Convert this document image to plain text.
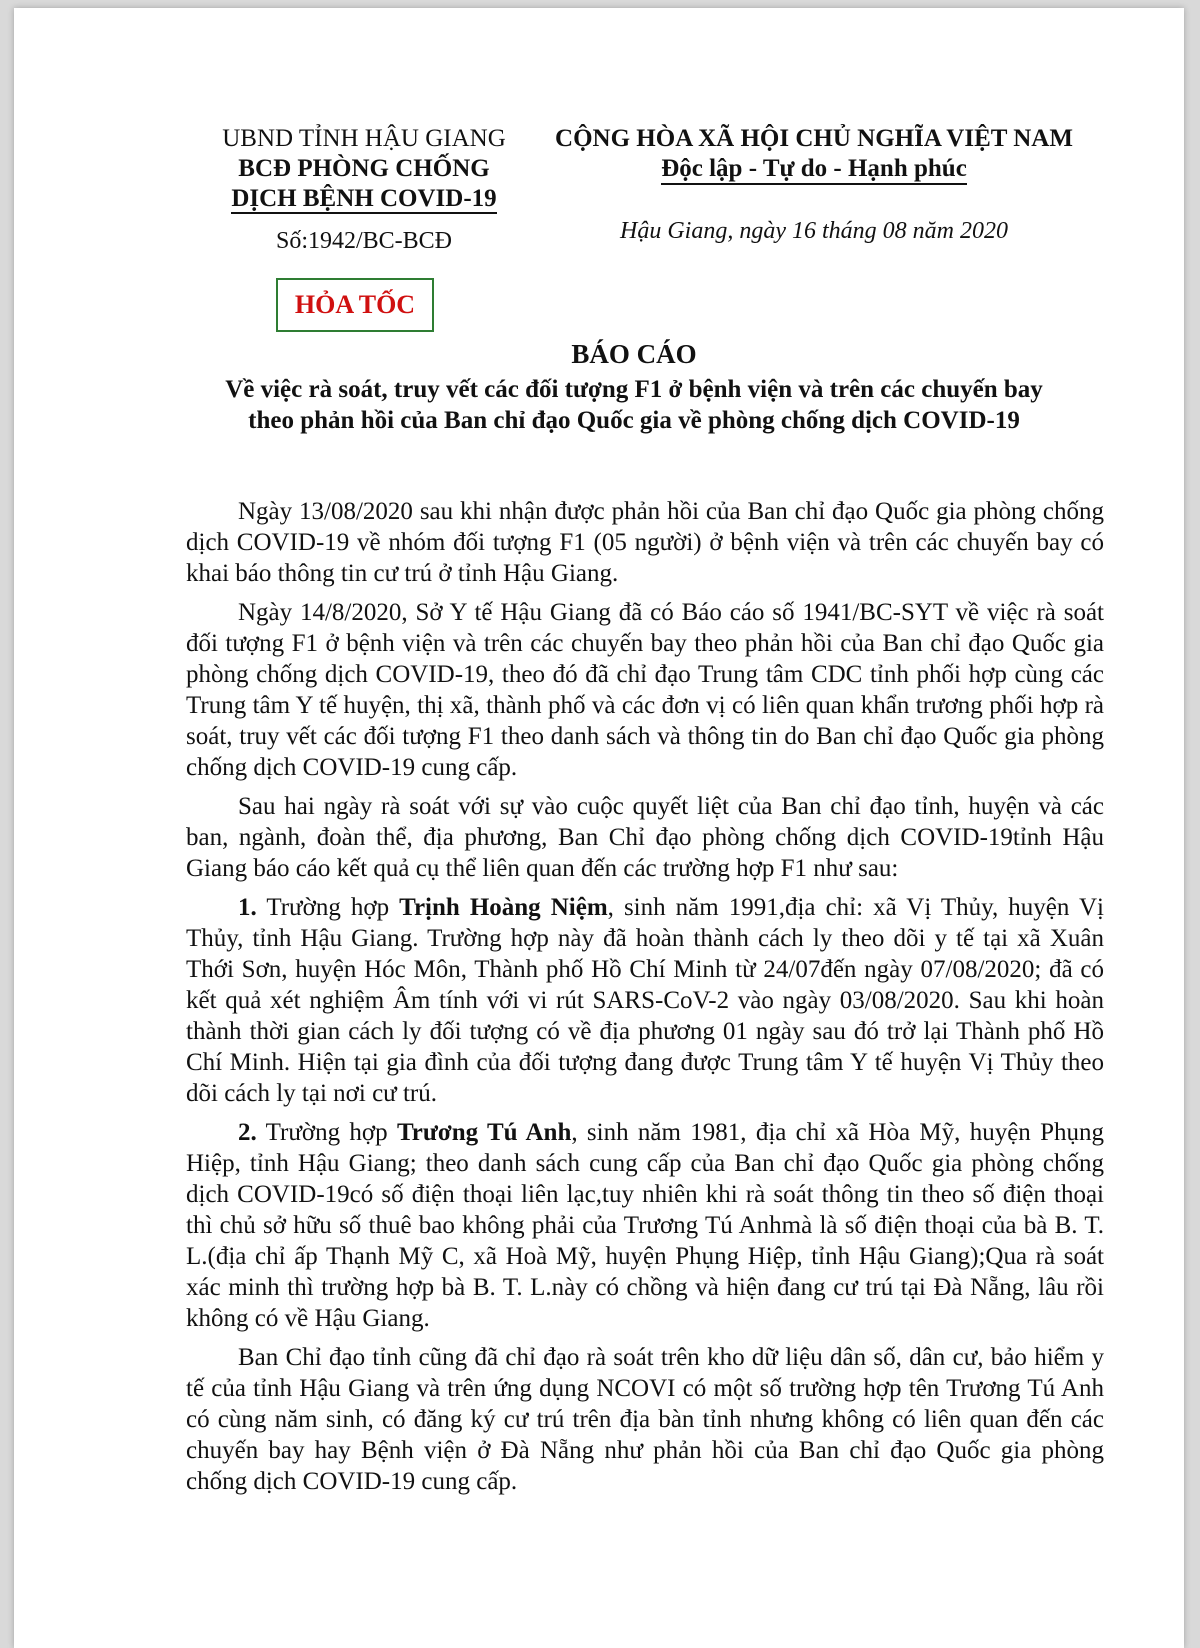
UBND TỈNH HẬU GIANG
BCĐ PHÒNG CHỐNG
DỊCH BỆNH COVID-19
Số:1942/BC-BCĐ
CỘNG HÒA XÃ HỘI CHỦ NGHĨA VIỆT NAM
Độc lập - Tự do - Hạnh phúc
Hậu Giang, ngày 16 tháng 08 năm 2020
HỎA TỐC
BÁO CÁO
Về việc rà soát, truy vết các đối tượng F1 ở bệnh viện và trên các chuyến bay
theo phản hồi của Ban chỉ đạo Quốc gia về phòng chống dịch COVID-19

Ngày 13/08/2020 sau khi nhận được phản hồi của Ban chỉ đạo Quốc gia phòng chống dịch COVID-19 về nhóm đối tượng F1 (05 người) ở bệnh viện và trên các chuyến bay có khai báo thông tin cư trú ở tỉnh Hậu Giang.

Ngày 14/8/2020, Sở Y tế Hậu Giang đã có Báo cáo số 1941/BC-SYT về việc rà soát đối tượng F1 ở bệnh viện và trên các chuyến bay theo phản hồi của Ban chỉ đạo Quốc gia phòng chống dịch COVID-19, theo đó đã chỉ đạo Trung tâm CDC tỉnh phối hợp cùng các Trung tâm Y tế huyện, thị xã, thành phố và các đơn vị có liên quan khẩn trương phối hợp rà soát, truy vết các đối tượng F1 theo danh sách và thông tin do Ban chỉ đạo Quốc gia phòng chống dịch COVID-19 cung cấp.

Sau hai ngày rà soát với sự vào cuộc quyết liệt của Ban chỉ đạo tỉnh, huyện và các ban, ngành, đoàn thể, địa phương, Ban Chỉ đạo phòng chống dịch COVID-19tỉnh Hậu Giang báo cáo kết quả cụ thể liên quan đến các trường hợp F1 như sau:

1. Trường hợp Trịnh Hoàng Niệm, sinh năm 1991,địa chỉ: xã Vị Thủy, huyện Vị Thủy, tỉnh Hậu Giang. Trường hợp này đã hoàn thành cách ly theo dõi y tế tại xã Xuân Thới Sơn, huyện Hóc Môn, Thành phố Hồ Chí Minh từ 24/07đến ngày 07/08/2020; đã có kết quả xét nghiệm Âm tính với vi rút SARS-CoV-2 vào ngày 03/08/2020. Sau khi hoàn thành thời gian cách ly đối tượng có về địa phương 01 ngày sau đó trở lại Thành phố Hồ Chí Minh. Hiện tại gia đình của đối tượng đang được Trung tâm Y tế huyện Vị Thủy theo dõi cách ly tại nơi cư trú.

2. Trường hợp Trương Tú Anh, sinh năm 1981, địa chỉ xã Hòa Mỹ, huyện Phụng Hiệp, tỉnh Hậu Giang; theo danh sách cung cấp của Ban chỉ đạo Quốc gia phòng chống dịch COVID-19có số điện thoại liên lạc,tuy nhiên khi rà soát thông tin theo số điện thoại thì chủ sở hữu số thuê bao không phải của Trương Tú Anhmà là số điện thoại của bà B. T. L.(địa chỉ ấp Thạnh Mỹ C, xã Hoà Mỹ, huyện Phụng Hiệp, tỉnh Hậu Giang);Qua rà soát xác minh thì trường hợp bà B. T. L.này có chồng và hiện đang cư trú tại Đà Nẵng, lâu rồi không có về Hậu Giang.

Ban Chỉ đạo tỉnh cũng đã chỉ đạo rà soát trên kho dữ liệu dân số, dân cư, bảo hiểm y tế của tỉnh Hậu Giang và trên ứng dụng NCOVI có một số trường hợp tên Trương Tú Anh có cùng năm sinh, có đăng ký cư trú trên địa bàn tỉnh nhưng không có liên quan đến các chuyến bay hay Bệnh viện ở Đà Nẵng như phản hồi của Ban chỉ đạo Quốc gia phòng chống dịch COVID-19 cung cấp.
